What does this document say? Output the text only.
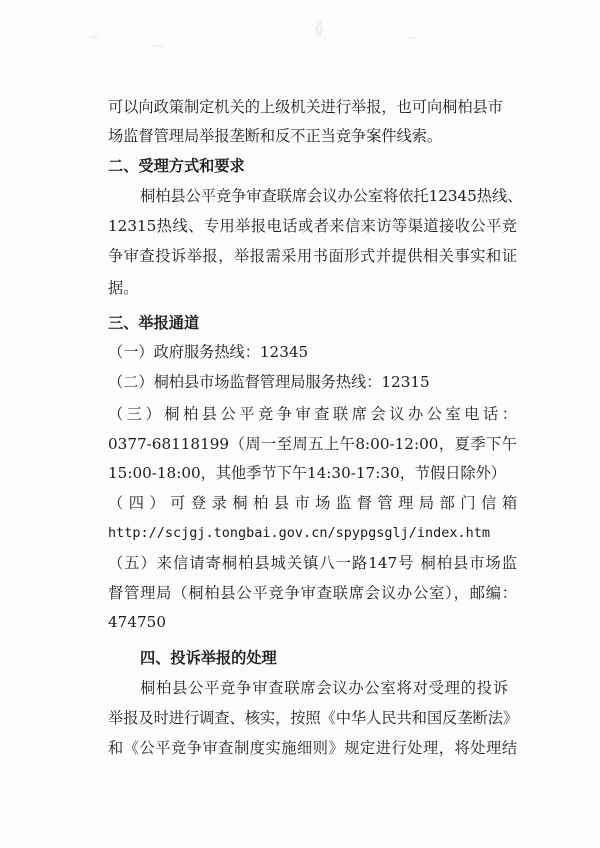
~ ·	—
╬	∽
可以向政策制定机关的上级机关进行举报，也可向桐柏县市
场监督管理局举报垄断和反不正当竞争案件线索。
二、受理方式和要求
桐柏县公平竞争审查联席会议办公室将依托12345热线、
12315热线、专用举报电话或者来信来访等渠道接收公平竞
争审查投诉举报，举报需采用书面形式并提供相关事实和证
据。
三、举报通道
（一）政府服务热线：12345
（二）桐柏县市场监督管理局服务热线：12315
（三）桐柏县公平竞争审查联席会议办公室电话：
0377-68118199（周一至周五上午8:00-12:00，夏季下午
15:00-18:00，其他季节下午14:30-17:30，节假日除外）
（四）可登录桐柏县市场监督管理局部门信箱
http://scjgj.tongbai.gov.cn/spypgsglj/index.htm
（五）来信请寄桐柏县城关镇八一路147号 桐柏县市场监
督管理局（桐柏县公平竞争审查联席会议办公室），邮编：
474750
四、投诉举报的处理
桐柏县公平竞争审查联席会议办公室将对受理的投诉
举报及时进行调查、核实，按照《中华人民共和国反垄断法》
和《公平竞争审查制度实施细则》规定进行处理，将处理结
